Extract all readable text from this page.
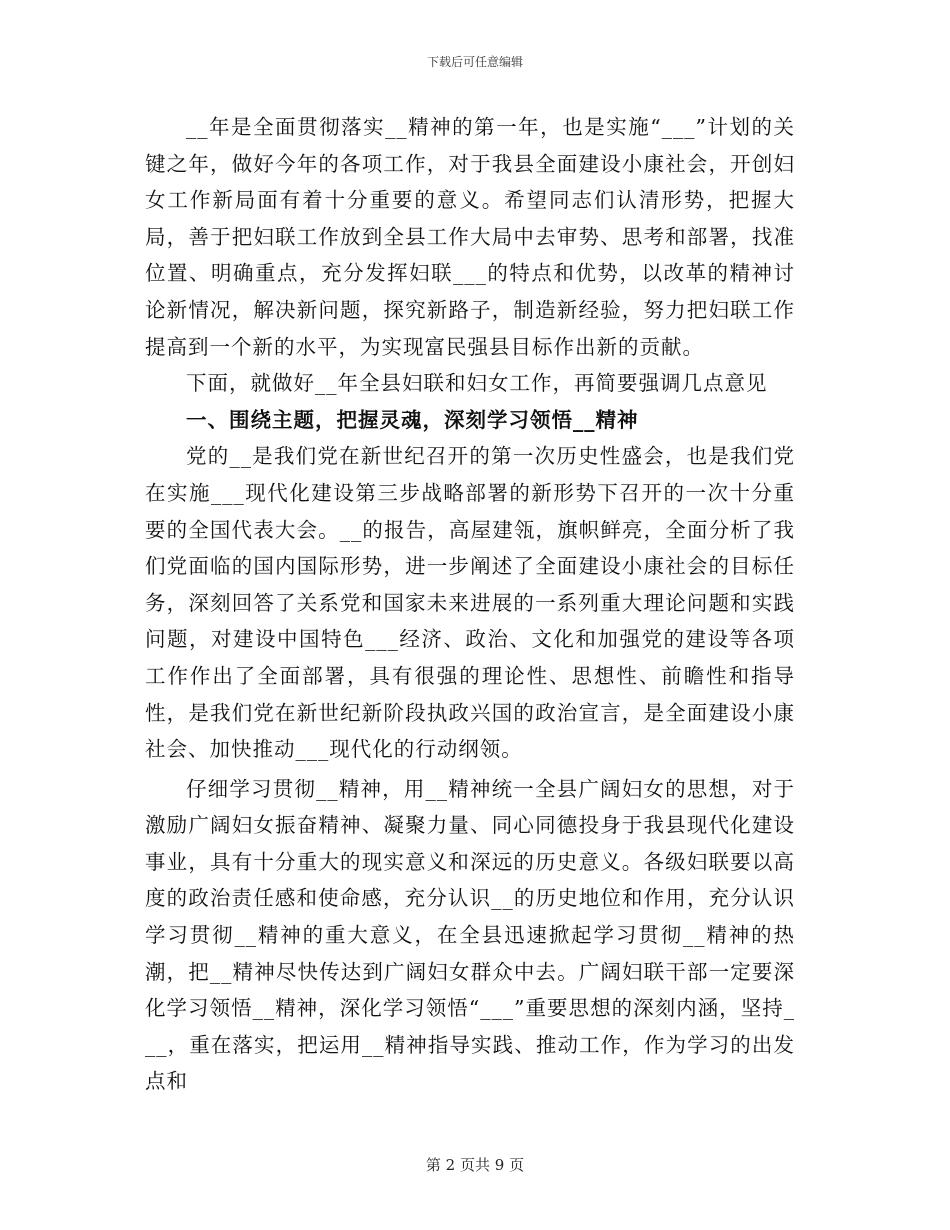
下载后可任意编辑

__年是全面贯彻落实__精神的第一年，也是实施“___”计划的关键之年，做好今年的各项工作，对于我县全面建设小康社会，开创妇女工作新局面有着十分重要的意义。希望同志们认清形势，把握大局，善于把妇联工作放到全县工作大局中去审势、思考和部署，找准位置、明确重点，充分发挥妇联___的特点和优势，以改革的精神讨论新情况，解决新问题，探究新路子，制造新经验，努力把妇联工作提高到一个新的水平，为实现富民强县目标作出新的贡献。

下面，就做好__年全县妇联和妇女工作，再简要强调几点意见

一、围绕主题，把握灵魂，深刻学习领悟__精神

党的__是我们党在新世纪召开的第一次历史性盛会，也是我们党在实施___现代化建设第三步战略部署的新形势下召开的一次十分重要的全国代表大会。__的报告，高屋建瓴，旗帜鲜亮，全面分析了我们党面临的国内国际形势，进一步阐述了全面建设小康社会的目标任务，深刻回答了关系党和国家未来进展的一系列重大理论问题和实践问题，对建设中国特色___经济、政治、文化和加强党的建设等各项工作作出了全面部署，具有很强的理论性、思想性、前瞻性和指导性，是我们党在新世纪新阶段执政兴国的政治宣言，是全面建设小康社会、加快推动___现代化的行动纲领。

仔细学习贯彻__精神，用__精神统一全县广阔妇女的思想，对于激励广阔妇女振奋精神、凝聚力量、同心同德投身于我县现代化建设事业，具有十分重大的现实意义和深远的历史意义。各级妇联要以高度的政治责任感和使命感，充分认识__的历史地位和作用，充分认识学习贯彻__精神的重大意义，在全县迅速掀起学习贯彻__精神的热潮，把__精神尽快传达到广阔妇女群众中去。广阔妇联干部一定要深化学习领悟__精神，深化学习领悟“___”重要思想的深刻内涵，坚持___，重在落实，把运用__精神指导实践、推动工作，作为学习的出发点和

第 2 页共 9 页
